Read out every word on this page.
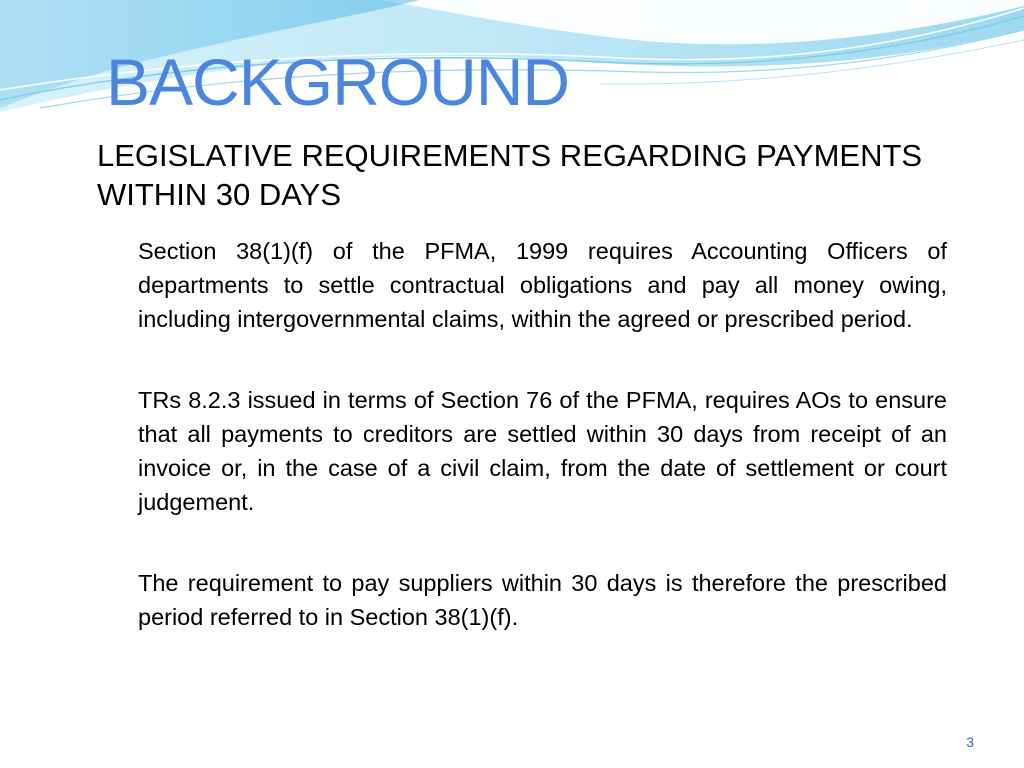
BACKGROUND
LEGISLATIVE REQUIREMENTS REGARDING PAYMENTS WITHIN 30 DAYS

Section 38(1)(f) of the PFMA, 1999 requires Accounting Officers of departments to settle contractual obligations and pay all money owing, including intergovernmental claims, within the agreed or prescribed period.

TRs 8.2.3 issued in terms of Section 76 of the PFMA, requires AOs to ensure that all payments to creditors are settled within 30 days from receipt of an invoice or, in the case of a civil claim, from the date of settlement or court judgement.

The requirement to pay suppliers within 30 days is therefore the prescribed period referred to in Section 38(1)(f).

3
